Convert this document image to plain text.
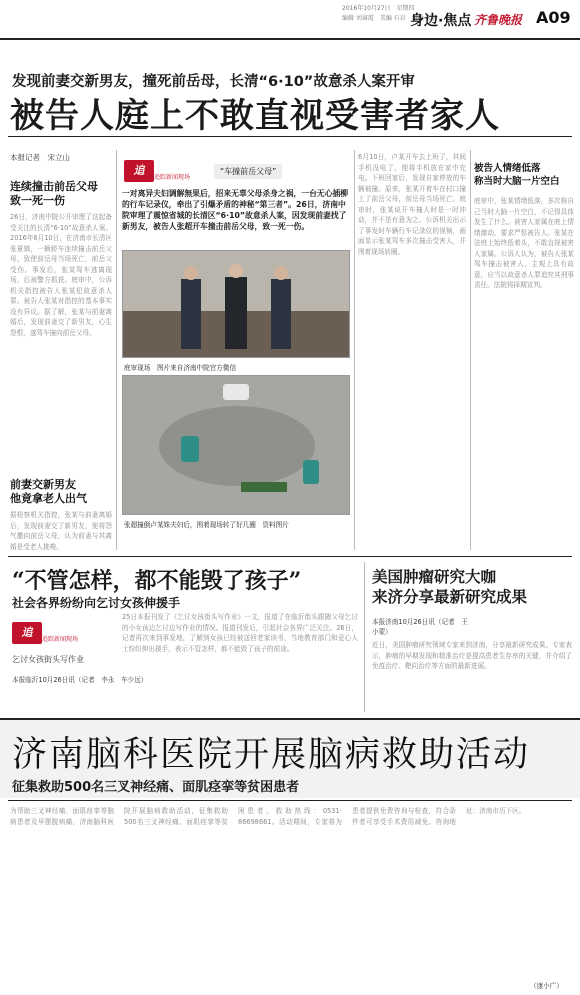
2016年10月27日　星期四
编辑 刘睿霞　美编 石岩　组版 张静
身边·焦点 齐鲁晚报 A09
发现前妻交新男友，撞死前岳母，长清“6·10”故意杀人案开审
被告人庭上不敢直视受害者家人
本报记者　宋立山
连续撞击前岳父母
致一死一伤
26日，济南中院公开审理了这起备受关注的长清“6·10”故意杀人案。2016年6月10日，在济南市长清区张夏镇，一辆轿车连续撞击前岳父母，致使前岳母当场死亡，前岳父受伤。事发后，张某驾车逃离现场，后被警方抓获。庭审中，公诉机关指控被告人张某犯故意杀人罪。被告人张某对指控的基本事实没有异议。据了解，张某与前妻离婚后，发现前妻交了新男友，心生怨恨，遂驾车撞向前岳父母。
前妻交新男友
他竟拿老人出气
据检察机关指控，张某与前妻离婚后，发现前妻交了新男友，便将怨气撒向前岳父母，认为前妻与其离婚是受老人挑唆。
追
追踪新闻现场
“车撞前岳父母”
一对离异夫妇调解無果后，招来无辜父母杀身之祸，一台无心插柳的行车记录仪，牵出了引爆矛盾的神秘“第三者”。26日，济南中院审理了震惊省城的长清区“6·10”故意杀人案，因发现前妻找了新男友，被告人张超开车撞击前岳父母，致一死一伤。
庭审现场　图片来自济南中院官方微信
张超撞倒卢某姝夫妇后，围着现场转了好几圈　资料图片
6月10日，卢某开车去上班了，其间手机没电了，便将手机放在家中充电。下班回家后，发现自家停放的车辆被撞。原来，张某开着车在村口撞上了前岳父母，前岳母当场死亡。庭审时，张某说开车撞人时是一时冲动，并不是有意为之。公诉机关出示了事发时车辆行车记录仪的视频，画面显示张某驾车多次撞击受害人，并围着现场转圈。
被告人情绪低落
称当时大脑一片空白
庭审中，张某情绪低落，多次称自己当时大脑一片空白，不记得具体发生了什么。被害人家属在庭上情绪激动，要求严惩被告人。张某在法庭上始终低着头，不敢直视被害人家属。公诉人认为，被告人张某驾车撞击被害人，主观上具有故意，应当以故意杀人罪追究其刑事责任。法院将择期宣判。
“不管怎样，都不能毁了孩子”
社会各界纷纷向乞讨女孩伸援手
追
追踪新闻现场
乞讨女孩街头写作业
本报临沂10月26日讯（记者　李永　车少远）
25日本报刊发了《乞讨女孩街头写作业》一文，报道了在临沂街头跟随父母乞讨的小女孩边乞讨边写作业的情况。报道刊发后，引起社会各界广泛关注。26日，记者再次来到事发地，了解到女孩已经被送回老家读书，当地教育部门和爱心人士纷纷伸出援手，表示不管怎样，都不能毁了孩子的前途。
美国肿瘤研究大咖
来济分享最新研究成果
本报济南10月26日讯（记者　王小蒙）
近日，美国肿瘤研究领域专家来到济南，分享最新研究成果。专家表示，肿瘤的早期发现和精准治疗是提高患者生存率的关键，并介绍了免疫治疗、靶向治疗等方面的最新进展。
济南脑科医院开展脑病救助活动
征集救助500名三叉神经痛、面肌痉挛等贫困患者
为帮助三叉神经痛、面肌痉挛等脑病患者及早摆脱病痛，济南脑科医院开展脑病救助活动，征集救助500名三叉神经痛、面肌痉挛等贫困患者。救助热线：0531-86698661。活动期间，专家将为患者提供免费咨询与检查，符合条件者可享受手术费用减免。咨询地址：济南市历下区。
（康小广）
